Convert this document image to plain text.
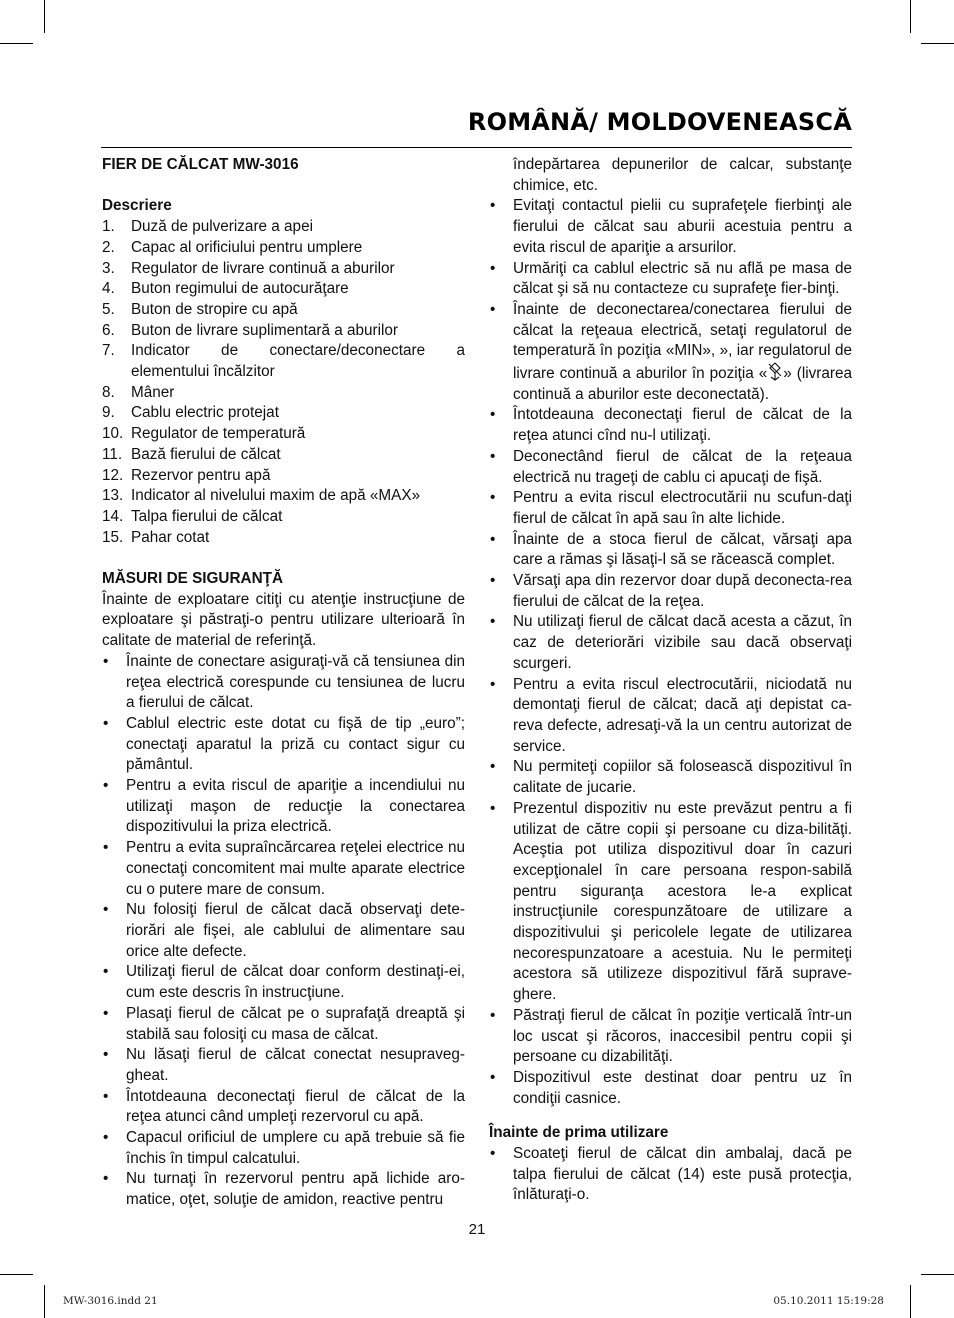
ROMÂNĂ/ MOLDOVENEASCĂ

FIER DE CĂLCAT MW-3016

Descriere

1. Duză de pulverizare a apei
2. Capac al orificiului pentru umplere
3. Regulator de livrare continuă a aburilor
4. Buton regimului de autocurăţare
5. Buton de stropire cu apă
6. Buton de livrare suplimentară a aburilor
7. Indicator de conectare/deconectare a elementului încălzitor
8. Mâner
9. Cablu electric protejat
10. Regulator de temperatură
11. Bază fierului de călcat
12. Rezervor pentru apă
13. Indicator al nivelului maxim de apă «MAX»
14. Talpa fierului de călcat
15. Pahar cotat

MĂSURI DE SIGURANŢĂ

Înainte de exploatare citiţi cu atenţie instrucţiune de exploatare şi păstraţi-o pentru utilizare ulterioară în calitate de material de referinţă.

• Înainte de conectare asiguraţi-vă că tensiunea din reţea electrică corespunde cu tensiunea de lucru a fierului de călcat.
• Cablul electric este dotat cu fişă de tip „euro”; conectaţi aparatul la priză cu contact sigur cu pământul.
• Pentru a evita riscul de apariţie a incendiului nu utilizaţi maşon de reducţie la conectarea dispozitivului la priza electrică.
• Pentru a evita supraîncărcarea reţelei electrice nu conectaţi concomitent mai multe aparate electrice cu o putere mare de consum.
• Nu folosiţi fierul de călcat dacă observaţi dete-riorări ale fişei, ale cablului de alimentare sau orice alte defecte.
• Utilizaţi fierul de călcat doar conform destinaţi-ei, cum este descris în instrucţiune.
• Plasaţi fierul de călcat pe o suprafaţă dreaptă şi stabilă sau folosiţi cu masa de călcat.
• Nu lăsaţi fierul de călcat conectat nesupraveg-gheat.
• Întotdeauna deconectaţi fierul de călcat de la reţea atunci când umpleţi rezervorul cu apă.
• Capacul orificiul de umplere cu apă trebuie să fie închis în timpul calcatului.
• Nu turnaţi în rezervorul pentru apă lichide aro-matice, oţet, soluţie de amidon, reactive pentru

îndepărtarea depunerilor de calcar, substanţe chimice, etc.

• Evitaţi contactul pielii cu suprafeţele fierbinţi ale fierului de călcat sau aburii acestuia pentru a evita riscul de apariţie a arsurilor.
• Urmăriţi ca cablul electric să nu află pe masa de călcat şi să nu contacteze cu suprafeţe fier-binţi.
• Înainte de deconectarea/conectarea fierului de călcat la reţeaua electrică, setaţi regulatorul de temperatură în poziţia «MIN», », iar regulatorul de livrare continuă a aburilor în poziţia « » (livrarea continuă a aburilor este deconectată).
• Întotdeauna deconectaţi fierul de călcat de la reţea atunci cînd nu-l utilizaţi.
• Deconectând fierul de călcat de la reţeaua electrică nu trageţi de cablu ci apucaţi de fişă.
• Pentru a evita riscul electrocutării nu scufun-daţi fierul de călcat în apă sau în alte lichide.
• Înainte de a stoca fierul de călcat, vărsaţi apa care a rămas şi lăsaţi-l să se răcească complet.
• Vărsaţi apa din rezervor doar după deconecta-rea fierului de călcat de la reţea.
• Nu utilizaţi fierul de călcat dacă acesta a căzut, în caz de deteriorări vizibile sau dacă observaţi scurgeri.
• Pentru a evita riscul electrocutării, niciodată nu demontaţi fierul de călcat; dacă aţi depistat ca-reva defecte, adresaţi-vă la un centru autorizat de service.
• Nu permiteţi copiilor să folosească dispozitivul în calitate de jucarie.
• Prezentul dispozitiv nu este prevăzut pentru a fi utilizat de către copii şi persoane cu diza-bilităţi. Aceştia pot utiliza dispozitivul doar în cazuri excepţionalel în care persoana respon-sabilă pentru siguranţa acestora le-a explicat instrucţiunile corespunzătoare de utilizare a dispozitivului şi pericolele legate de utilizarea necorespunzatoare a acestuia. Nu le permiteţi acestora să utilizeze dispozitivul fără suprave-ghere.
• Păstraţi fierul de călcat în poziţie verticală într-un loc uscat şi răcoros, inaccesibil pentru copii şi persoane cu dizabilităţi.
• Dispozitivul este destinat doar pentru uz în condiţii casnice.

Înainte de prima utilizare

• Scoateţi fierul de călcat din ambalaj, dacă pe talpa fierului de călcat (14) este pusă protecţia, înlăturaţi-o.
21
MW-3016.indd 21	05.10.2011 15:19:28
